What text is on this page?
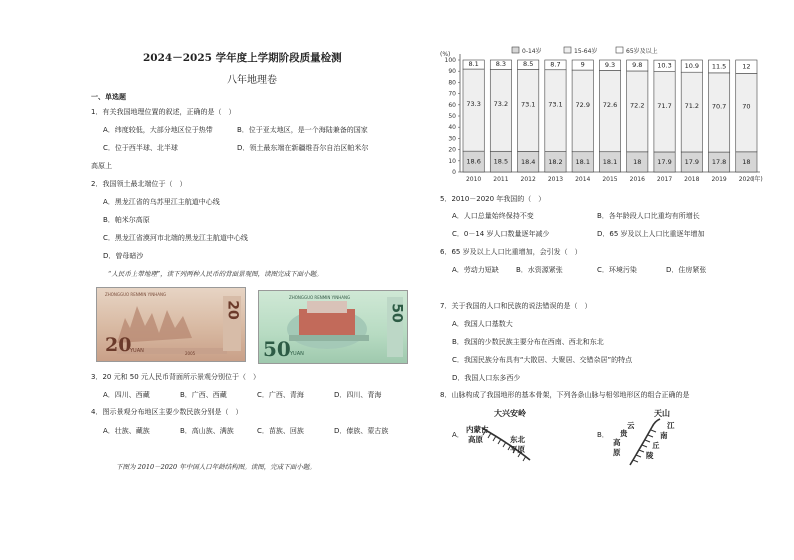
2024－2025 学年度上学期阶段质量检测
八年地理卷
一、单选题
1．有关我国地理位置的叙述，正确的是（　）
A．纬度较低，大部分地区位于热带	B．位于亚太地区，是一个海陆兼备的国家
C．位于西半球、北半球	D．领土最东端在新疆维吾尔自治区帕米尔
高原上
2．我国领土最北端位于（　）
A．黑龙江省的乌苏里江主航道中心线
B．帕米尔高原
C．黑龙江省漠河市北端的黑龙江主航道中心线
D．曾母暗沙
“人民币上带地理”，读下列两种人民币的背面景观图，读图完成下面小题。
ZHONGGUO RENMIN YINHANG
20
YUAN
20
2005
ZHONGGUO RENMIN YINHANG
50 YUAN
50
3．20 元和 50 元人民币背面所示景观分别位于（　）
A．四川、西藏	B．广西、西藏	C．广西、青海	D．四川、青海
4．图示景观分布地区主要少数民族分别是（　）
A．壮族、藏族	B．高山族、满族	C．苗族、回族	D．傣族、蒙古族
下图为 2010－2020 年中国人口年龄结构图。读图，完成下面小题。
(%)
0
10
20
30
40
50
60
70
80
90
100
0-14岁	15-64岁	65岁及以上
18.6
73.3
8.1
2010
18.5
73.2
8.3
2011
18.4
73.1
8.5
2012
18.2
73.1
8.7
2013
18.1
72.9
9
2014
18.1
72.6
9.3
2015
18
72.2
9.8
2016
17.9
71.7
10.3
2017
17.9
71.2
10.9
2018
17.8
70.7
11.5
2019
18
70
12
2020
(年)
5．2010－2020 年我国的（　）
A．人口总量始终保持不变	B．各年龄段人口比重均有所增长
C．0－14 岁人口数量逐年减少	D．65 岁及以上人口比重逐年增加
6．65 岁及以上人口比重增加，会引发（　）
A．劳动力短缺 B．水资源紧张	C．环境污染	D．住房紧张
7．关于我国的人口和民族的说法错误的是（　）
A．我国人口基数大
B．我国的少数民族主要分布在西南、西北和东北
C．我国民族分布具有“大散居、大聚居、交错杂居”的特点
D．我国人口东多西少
8．山脉构成了我国地形的基本骨架，下列各条山脉与相邻地形区的组合正确的是
A．	B．
大兴安岭
内蒙古
高原	东北
平原
天山
云
贵
高
原
江
南
丘
陵
